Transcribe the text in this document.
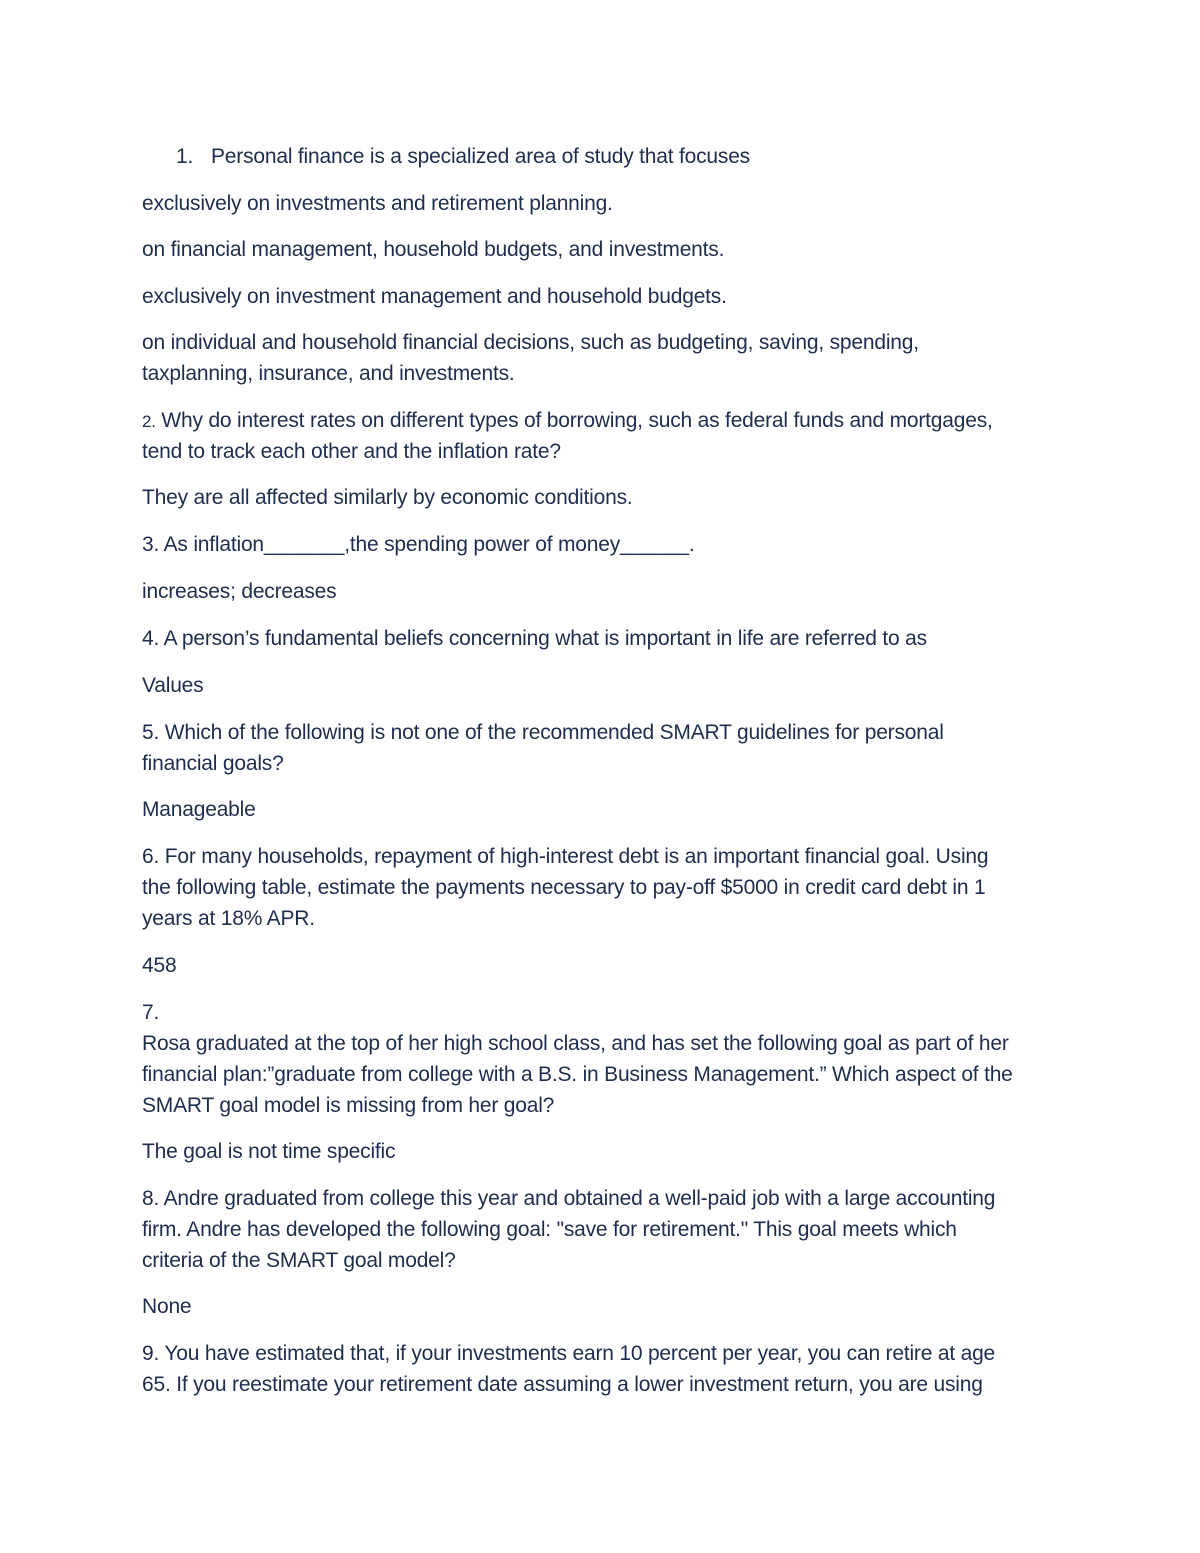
1. Personal finance is a specialized area of study that focuses
exclusively on investments and retirement planning.
on financial management, household budgets, and investments.
exclusively on investment management and household budgets.
on individual and household financial decisions, such as budgeting, saving, spending,
taxplanning, insurance, and investments.
2. Why do interest rates on different types of borrowing, such as federal funds and mortgages,
tend to track each other and the inflation rate?
They are all affected similarly by economic conditions.
3. As inflation_______,the spending power of money______.
increases; decreases
4. A person’s fundamental beliefs concerning what is important in life are referred to as
Values
5. Which of the following is not one of the recommended SMART guidelines for personal
financial goals?
Manageable
6. For many households, repayment of high-interest debt is an important financial goal. Using
the following table, estimate the payments necessary to pay-off $5000 in credit card debt in 1
years at 18% APR.
458
7.
Rosa graduated at the top of her high school class, and has set the following goal as part of her
financial plan:”graduate from college with a B.S. in Business Management.” Which aspect of the
SMART goal model is missing from her goal?
The goal is not time specific
8. Andre graduated from college this year and obtained a well-paid job with a large accounting
firm. Andre has developed the following goal: "save for retirement." This goal meets which
criteria of the SMART goal model?
None
9. You have estimated that, if your investments earn 10 percent per year, you can retire at age
65. If you reestimate your retirement date assuming a lower investment return, you are using
